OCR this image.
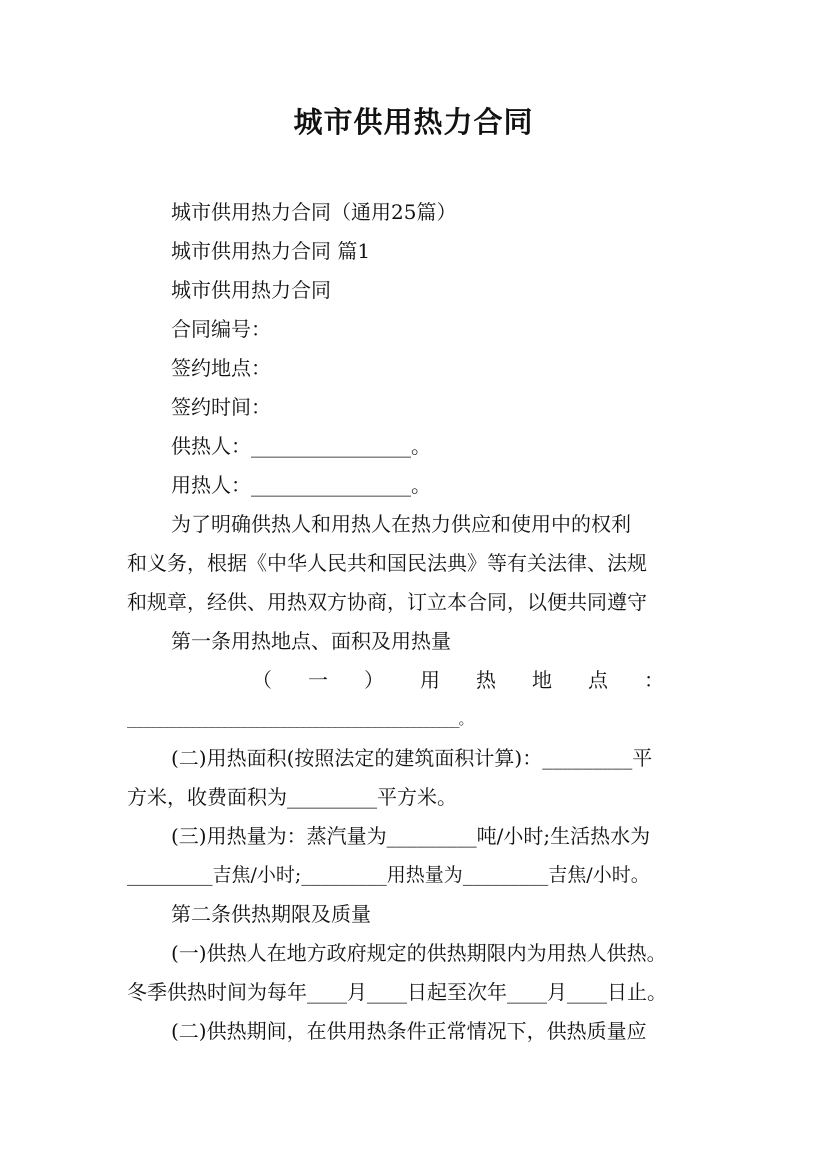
城市供用热力合同
城市供用热力合同（通用25篇）
城市供用热力合同 篇1
城市供用热力合同
合同编号：
签约地点：
签约时间：
供热人：________________。
用热人：________________。
为了明确供热人和用热人在热力供应和使用中的权利
和义务，根据《中华人民共和国民法典》等有关法律、法规
和规章，经供、用热双方协商，订立本合同，以便共同遵守
第一条用热地点、面积及用热量
（一）用热地点：
___________________________________________________。
(二)用热面积(按照法定的建筑面积计算)：_________平
方米，收费面积为_________平方米。
(三)用热量为：蒸汽量为_________吨/小时;生活热水为
_________吉焦/小时;_________用热量为_________吉焦/小时。
第二条供热期限及质量
(一)供热人在地方政府规定的供热期限内为用热人供热。
冬季供热时间为每年____月____日起至次年____月____日止。
(二)供热期间，在供用热条件正常情况下，供热质量应
